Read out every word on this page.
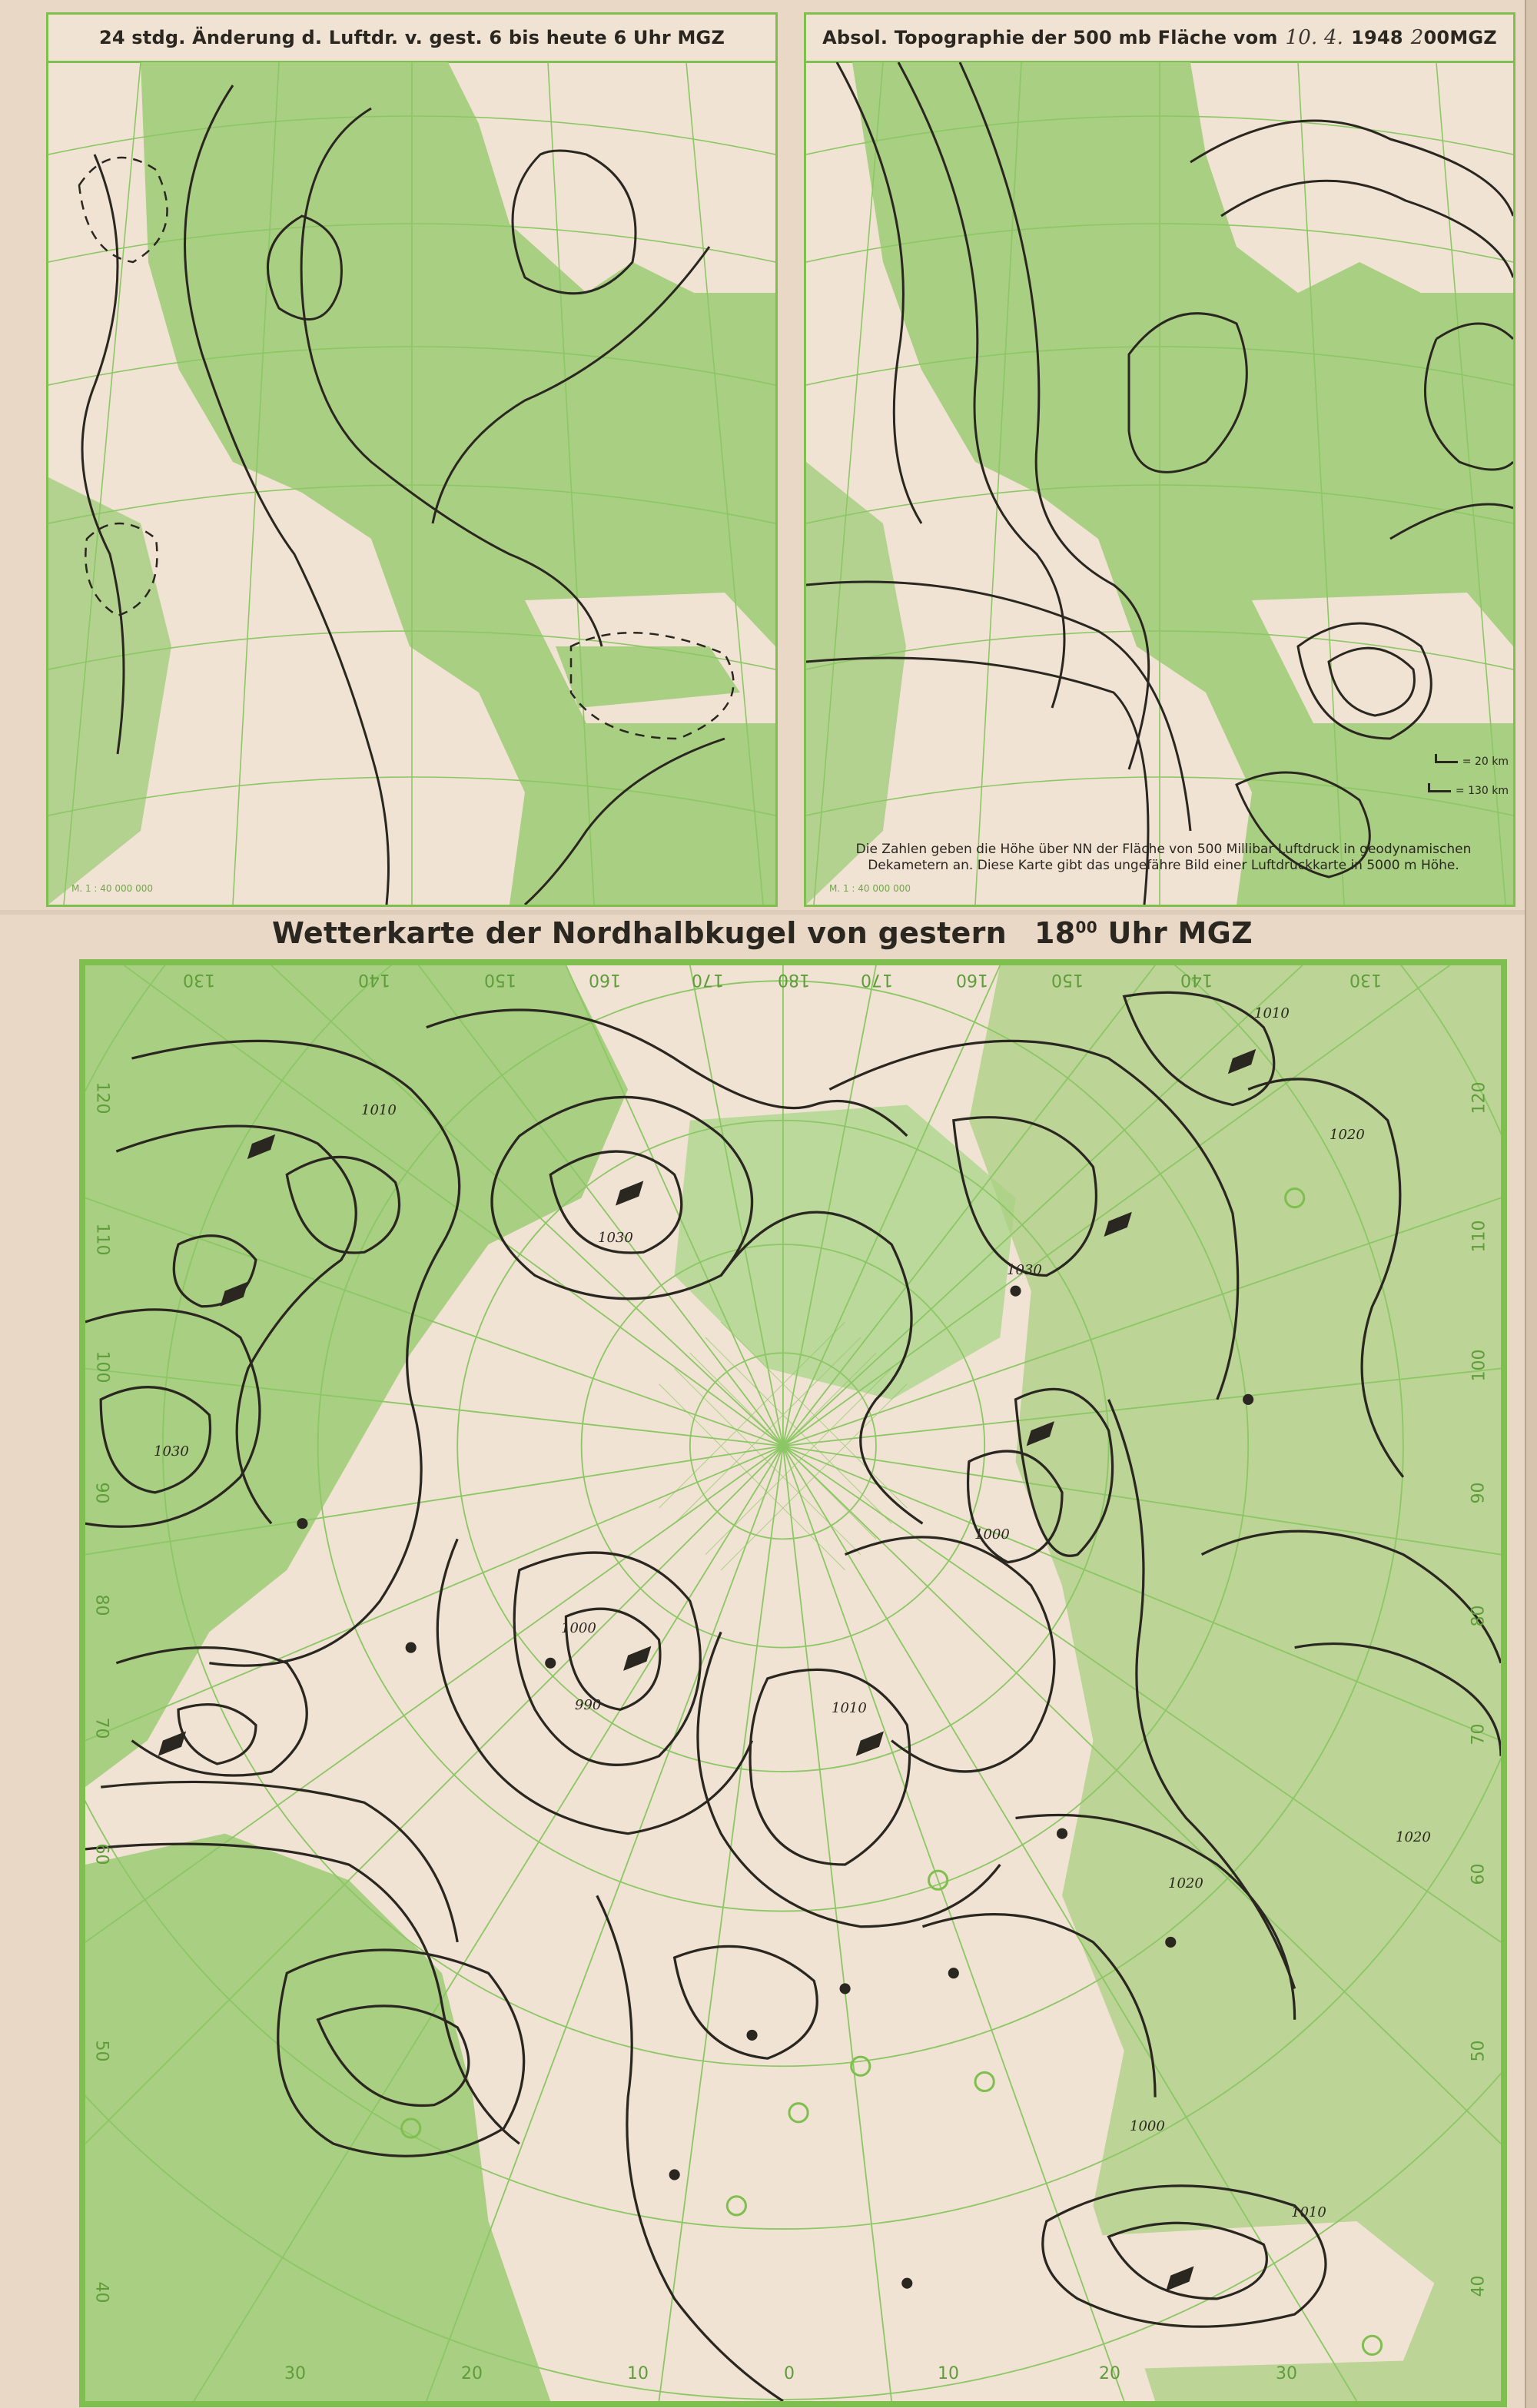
24 stdg. Änderung d. Luftdr. v. gest. 6 bis heute 6 Uhr MGZ
M. 1 : 40 000 000
Absol. Topographie der 500 mb Fläche vom 10. 4. 1948 2 00MGZ
= 20 km
= 130 km
Die Zahlen geben die Höhe über NN der Fläche von 500 Millibar Luftdruck in geodynamischen Dekametern an. Diese Karte gibt das ungefähre Bild einer Luftdruckkarte in 5000 m Höhe.
M. 1 : 40 000 000
Wetterkarte der Nordhalbkugel von gestern $18^{00}$ Uhr MGZ
130	140	150	160	170	180	170	160	150	140	130
30	20	10	0	10	20	30
120
110
100
90
80
70
60
50
40
120
110
100
90
80
70
60
50
40
1010
1030
1010
1020
1030
1000
990	1010
1000
1010
1020
1030
1000
1020
